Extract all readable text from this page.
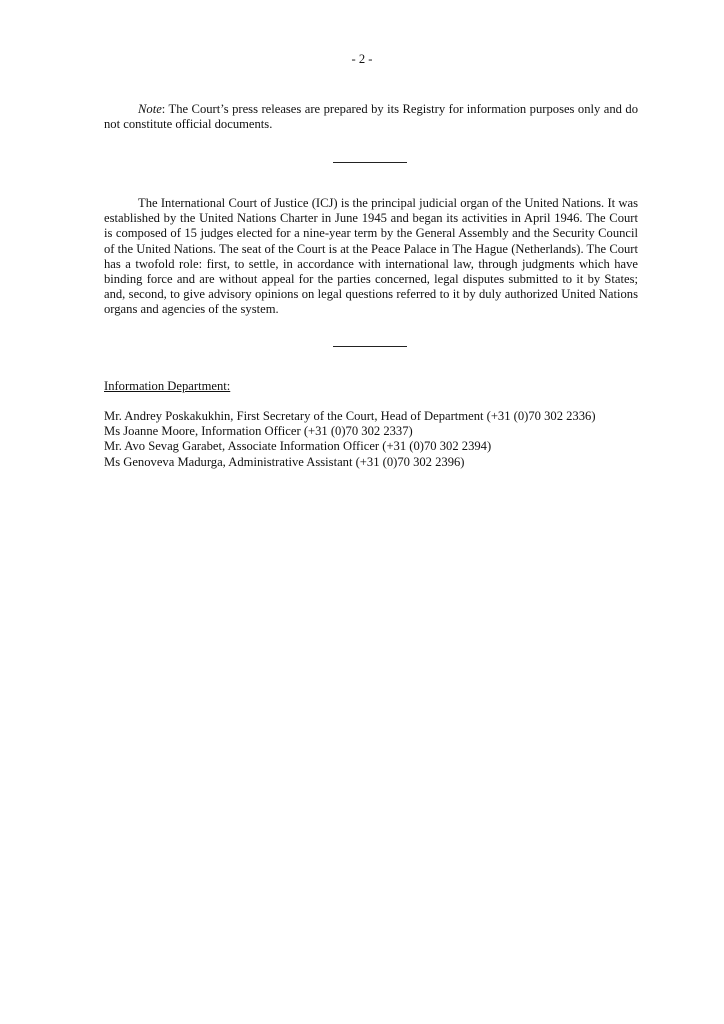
- 2 -

Note: The Court’s press releases are prepared by its Registry for information purposes only and do not constitute official documents.

The International Court of Justice (ICJ) is the principal judicial organ of the United Nations. It was established by the United Nations Charter in June 1945 and began its activities in April 1946. The Court is composed of 15 judges elected for a nine-year term by the General Assembly and the Security Council of the United Nations. The seat of the Court is at the Peace Palace in The Hague (Netherlands). The Court has a twofold role: first, to settle, in accordance with international law, through judgments which have binding force and are without appeal for the parties concerned, legal disputes submitted to it by States; and, second, to give advisory opinions on legal questions referred to it by duly authorized United Nations organs and agencies of the system.

Information Department:
Mr. Andrey Poskakukhin, First Secretary of the Court, Head of Department (+31 (0)70 302 2336)
Ms Joanne Moore, Information Officer (+31 (0)70 302 2337)
Mr. Avo Sevag Garabet, Associate Information Officer (+31 (0)70 302 2394)
Ms Genoveva Madurga, Administrative Assistant (+31 (0)70 302 2396)
